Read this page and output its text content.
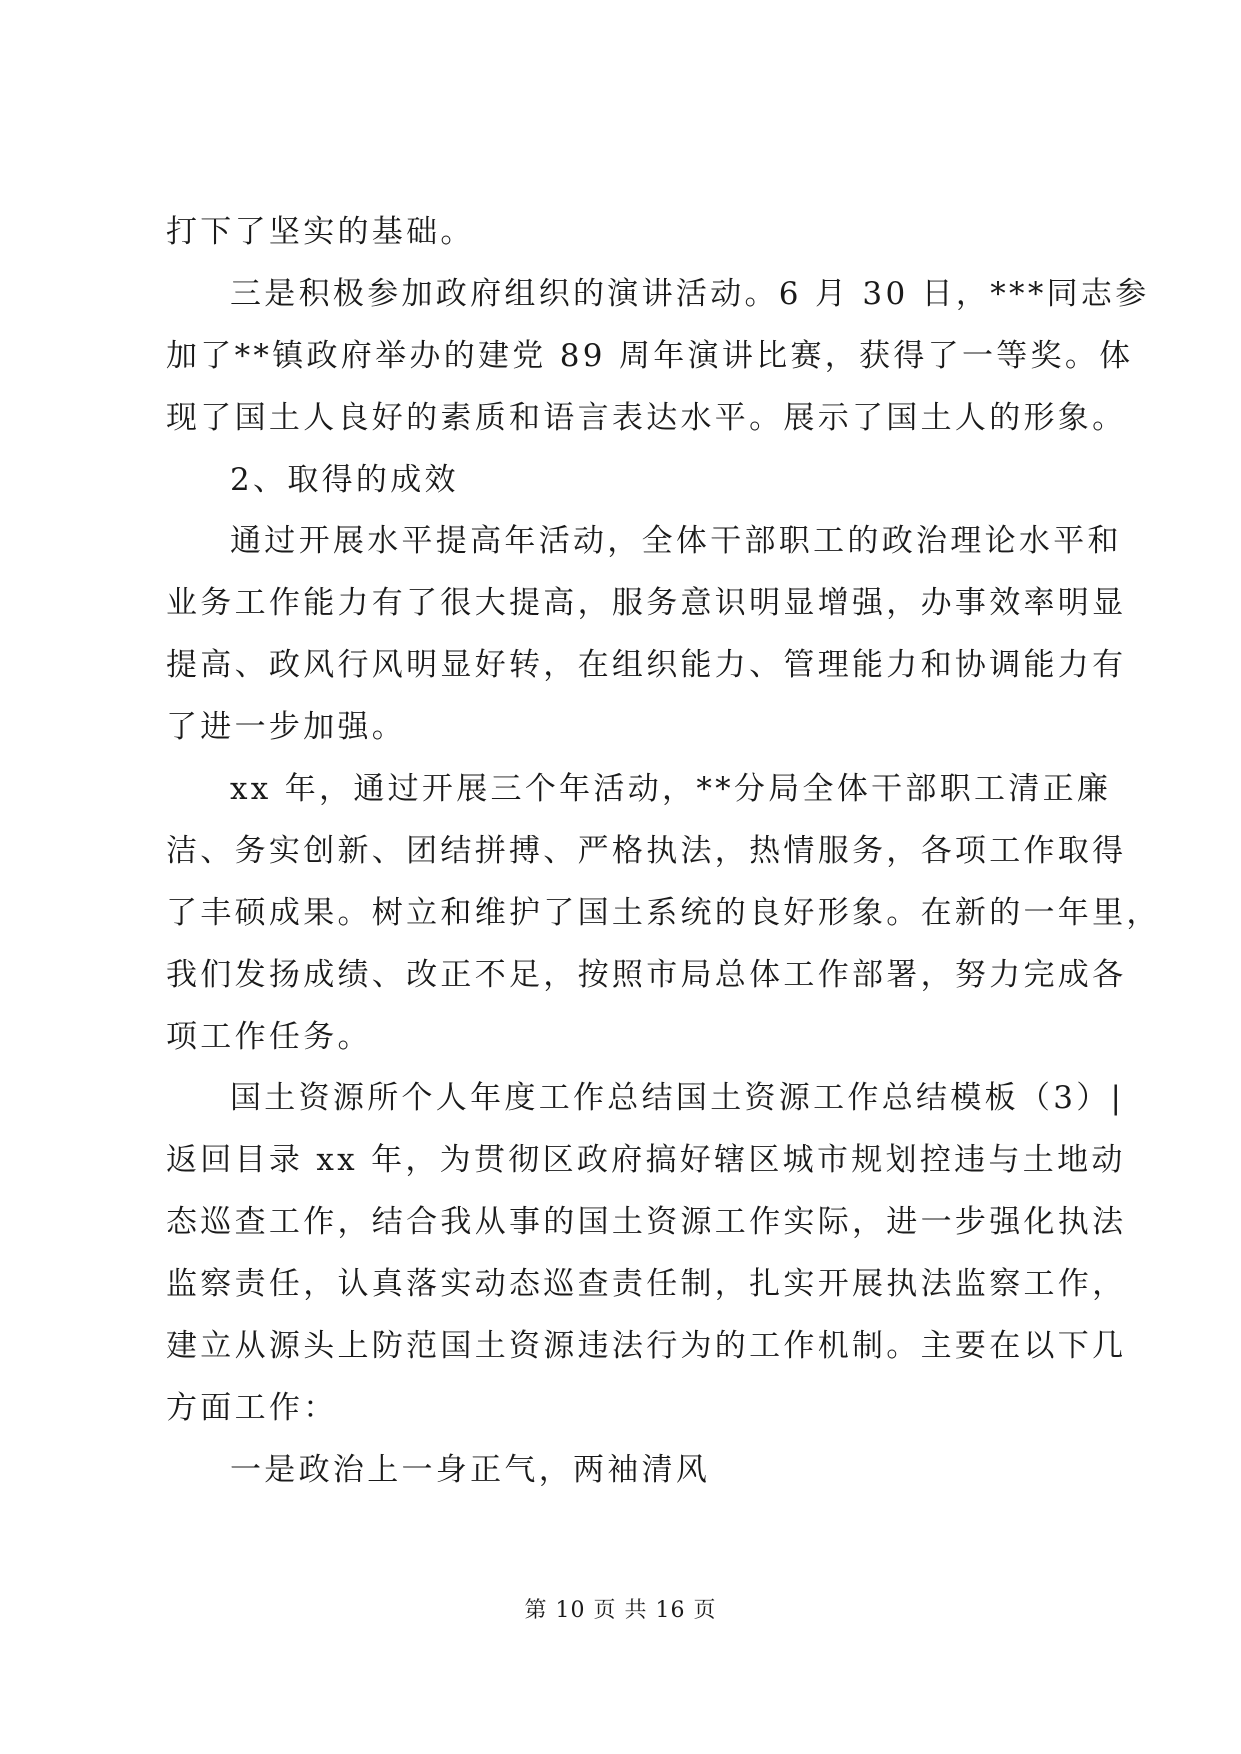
打下了坚实的基础。
三是积极参加政府组织的演讲活动。6 月 30 日，***同志参
加了**镇政府举办的建党 89 周年演讲比赛，获得了一等奖。体
现了国土人良好的素质和语言表达水平。展示了国土人的形象。
2、取得的成效
通过开展水平提高年活动，全体干部职工的政治理论水平和
业务工作能力有了很大提高，服务意识明显增强，办事效率明显
提高、政风行风明显好转，在组织能力、管理能力和协调能力有
了进一步加强。
xx 年，通过开展三个年活动，**分局全体干部职工清正廉
洁、务实创新、团结拼搏、严格执法，热情服务，各项工作取得
了丰硕成果。树立和维护了国土系统的良好形象。在新的一年里，
我们发扬成绩、改正不足，按照市局总体工作部署，努力完成各
项工作任务。
国土资源所个人年度工作总结国土资源工作总结模板（3）|
返回目录 xx 年，为贯彻区政府搞好辖区城市规划控违与土地动
态巡查工作，结合我从事的国土资源工作实际，进一步强化执法
监察责任，认真落实动态巡查责任制，扎实开展执法监察工作，
建立从源头上防范国土资源违法行为的工作机制。主要在以下几
方面工作：
一是政治上一身正气，两袖清风
第 10 页 共 16 页
